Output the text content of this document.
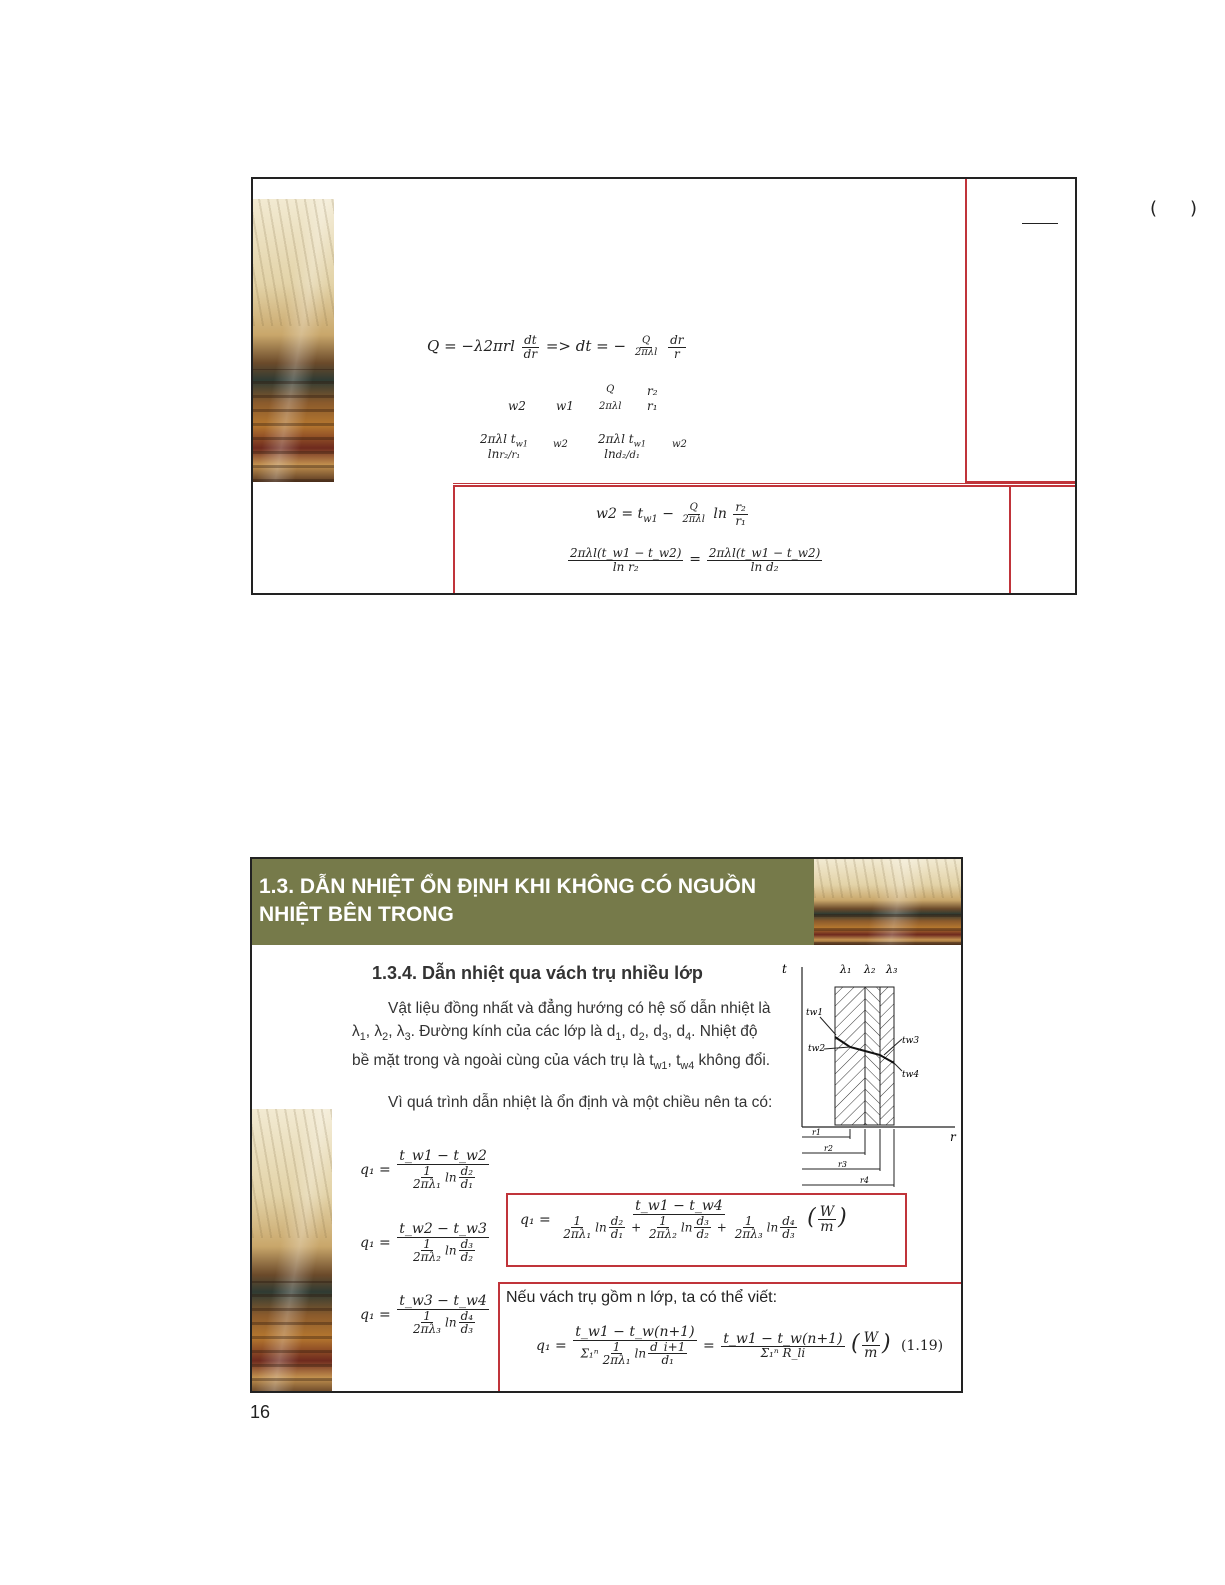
( )
$Q = -\lambda 2\pi rl \frac{dt}{dr}$ => dt = − $\frac{Q}{\text{2πλl}}$
$\frac{dr}{r}$
w2	w1
Q
2πλl
r₂
r₁
2πλl $t_{w1}$
lnr₂/r₁
w2	2πλl $t_{w1}$
lnd₂/d₁
w2
$w2 = t_{w1} - \frac{Q}{\text{2πλl}}$ $\ln \frac{\text{r₂}}{\text{r₁}}$
$\frac{\text{2πλl(t\_w1 − t\_w2)}}{\text{ln r₂}} = \frac{\text{2πλl(t\_w1 − t\_w2)}}{\text{ln d₂}}$
1.3. DẪN NHIỆT ỔN ĐỊNH KHI KHÔNG CÓ NGUỒN
NHIỆT BÊN TRONG
1.3.4. Dẫn nhiệt qua vách trụ nhiều lớp
Vật liệu đồng nhất và đẳng hướng có hệ số dẫn nhiệt là $\lambda_1$, $\lambda_2$, $\lambda_3$. Đường kính của các lớp là $d_1$, $d_2$, $d_3$, $d_4$. Nhiệt độ bề mặt trong và ngoài cùng của vách trụ là $t_{w1}$, $t_{w4}$ không đổi.
Vì quá trình dẫn nhiệt là ổn định và một chiều nên ta có:
t
r
λ₁ λ₂ λ₃
tw1
tw2
tw3
tw4
r1
r2
r3
r4
$q_1 = \frac{t\_w1 - t\_w2}{\frac{1}{\text{2πλ₁}} \ln \frac{\text{d₂}}{\text{d₁}}}$
$q_1 = \frac{t\_w2 - t\_w3}{\frac{1}{\text{2πλ₂}} \ln \frac{\text{d₃}}{\text{d₂}}}$
$q_1 = \frac{t\_w3 - t\_w4}{\frac{1}{\text{2πλ₃}} \ln \frac{\text{d₄}}{\text{d₃}}}$
q₁ =
t_w1 − t_w4
$\frac{1}{\text{2πλ₁}}$ $\ln \frac{\text{d₂}}{\text{d₁}} + \frac{1}{\text{2πλ₂}}$ $\ln \frac{\text{d₃}}{\text{d₂}} + \frac{1}{\text{2πλ₃}}$ $\ln \frac{\text{d₄}}{\text{d₃}}$ ( $\frac{W}{m}$ )
Nếu vách trụ gồm n lớp, ta có thể viết:
$q_1 = \frac{t\_w1 - t\_w(n+1)}{\Sigma_1^n \frac{1}{\text{2πλ₁}} \ln \frac{d\_i+1}{\text{d₁}}} = \frac{t\_w1 - t\_w(n+1)}{\text{Σ₁ⁿ R\_li}}$ ( $\frac{W}{m}$ ) (1.19)
16
